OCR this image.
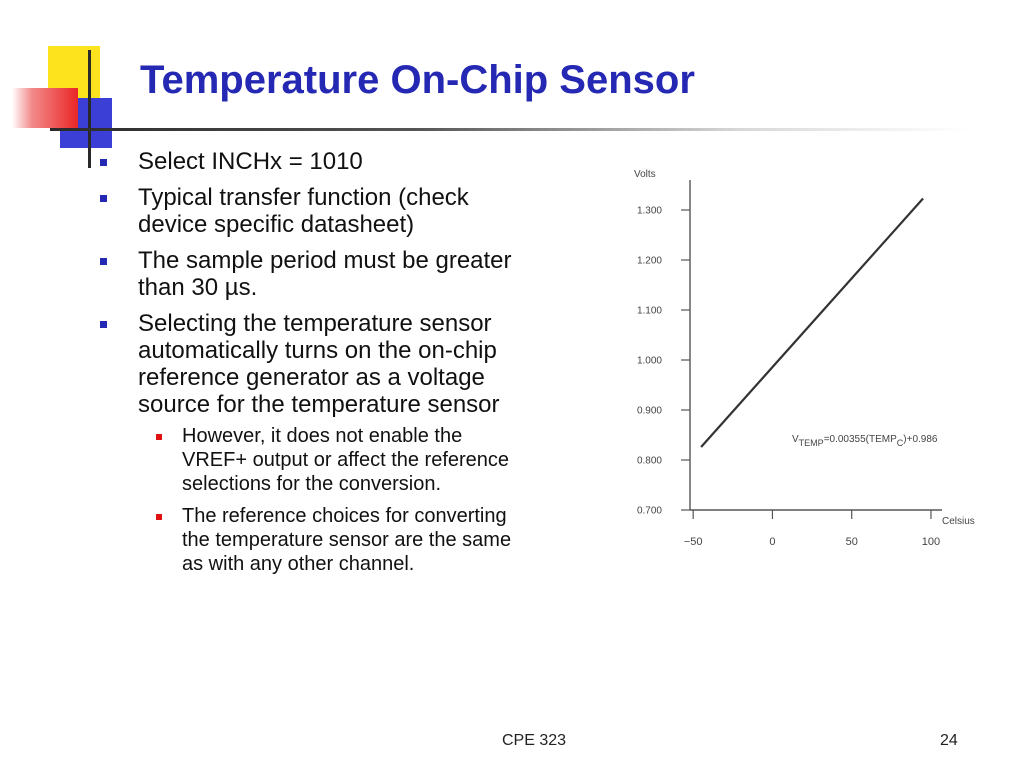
Temperature On-Chip Sensor
Select INCHx = 1010
Typical transfer function (check device specific datasheet)
The sample period must be greater than 30 µs.
Selecting the temperature sensor automatically turns on the on-chip reference generator as a voltage source for the temperature sensor
However, it does not enable the VREF+ output or affect the reference selections for the conversion.
The reference choices for converting the temperature sensor are the same as with any other channel.
Volts
Celsius
0.700
0.800
0.900
1.000
1.100
1.200
1.300
−50	0	50	100
VTEMP=0.00355(TEMPC)+0.986
CPE 323	24
